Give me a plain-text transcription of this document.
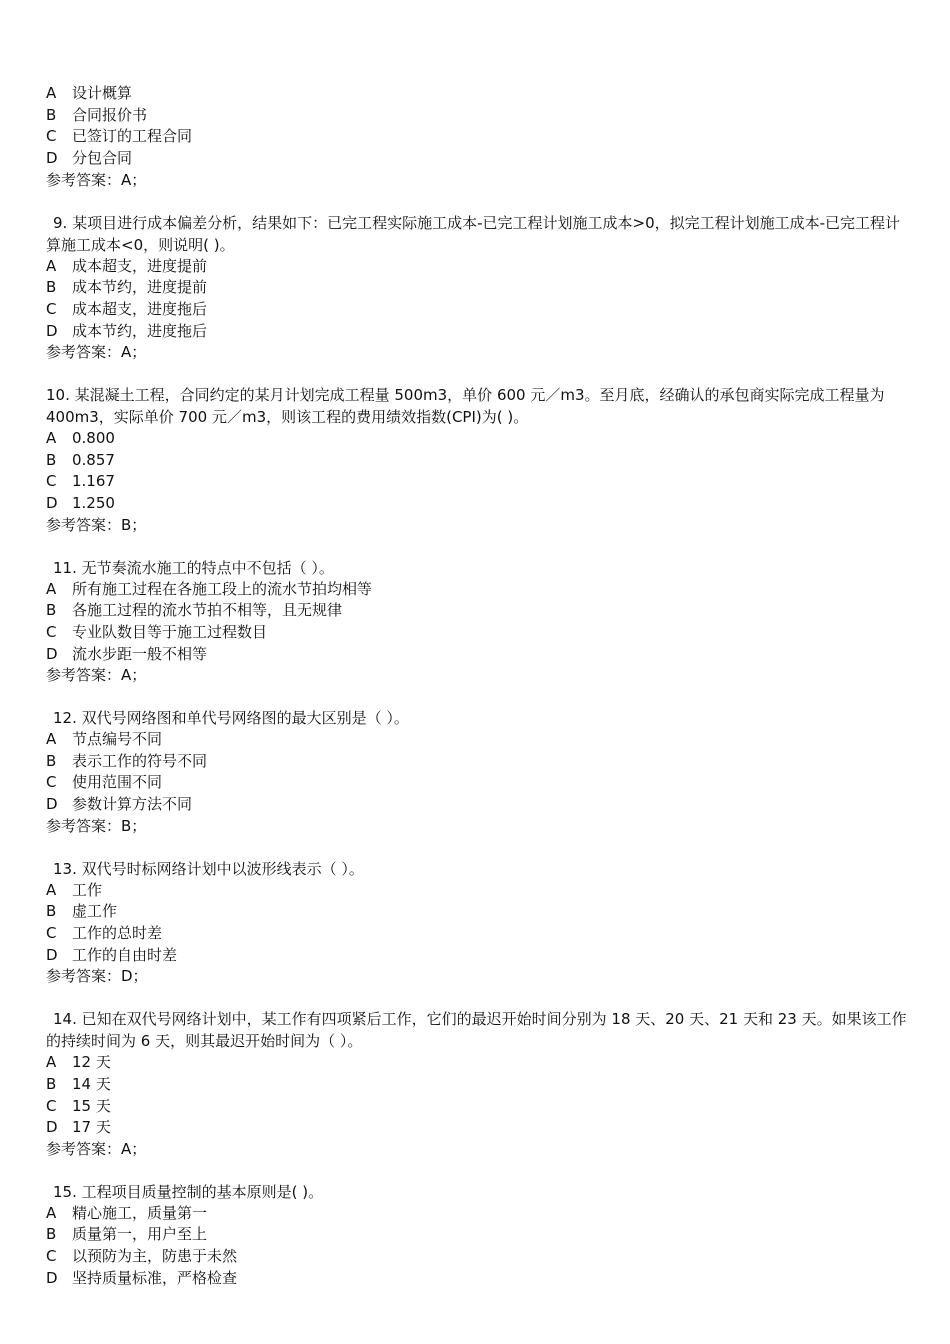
A 设计概算
B 合同报价书
C 已签订的工程合同
D 分包合同
参考答案：A；
9. 某项目进行成本偏差分析，结果如下：已完工程实际施工成本-已完工程计划施工成本>0，拟完工程计划施工成本-已完工程计算施工成本<0，则说明( )。
A 成本超支，进度提前
B 成本节约，进度提前
C 成本超支，进度拖后
D 成本节约，进度拖后
参考答案：A；
10. 某混凝土工程，合同约定的某月计划完成工程量 500m3，单价 600 元／m3。至月底，经确认的承包商实际完成工程量为 400m3，实际单价 700 元／m3，则该工程的费用绩效指数(CPI)为( )。
A 0.800
B 0.857
C 1.167
D 1.250
参考答案：B；
11. 无节奏流水施工的特点中不包括（ ）。
A 所有施工过程在各施工段上的流水节拍均相等
B 各施工过程的流水节拍不相等，且无规律
C 专业队数目等于施工过程数目
D 流水步距一般不相等
参考答案：A；
12. 双代号网络图和单代号网络图的最大区别是（ ）。
A 节点编号不同
B 表示工作的符号不同
C 使用范围不同
D 参数计算方法不同
参考答案：B；
13. 双代号时标网络计划中以波形线表示（ ）。
A 工作
B 虚工作
C 工作的总时差
D 工作的自由时差
参考答案：D；
14. 已知在双代号网络计划中，某工作有四项紧后工作，它们的最迟开始时间分别为 18 天、20 天、21 天和 23 天。如果该工作的持续时间为 6 天，则其最迟开始时间为（ ）。
A 12 天
B 14 天
C 15 天
D 17 天
参考答案：A；
15. 工程项目质量控制的基本原则是( )。
A 精心施工，质量第一
B 质量第一，用户至上
C 以预防为主，防患于未然
D 坚持质量标准，严格检查
